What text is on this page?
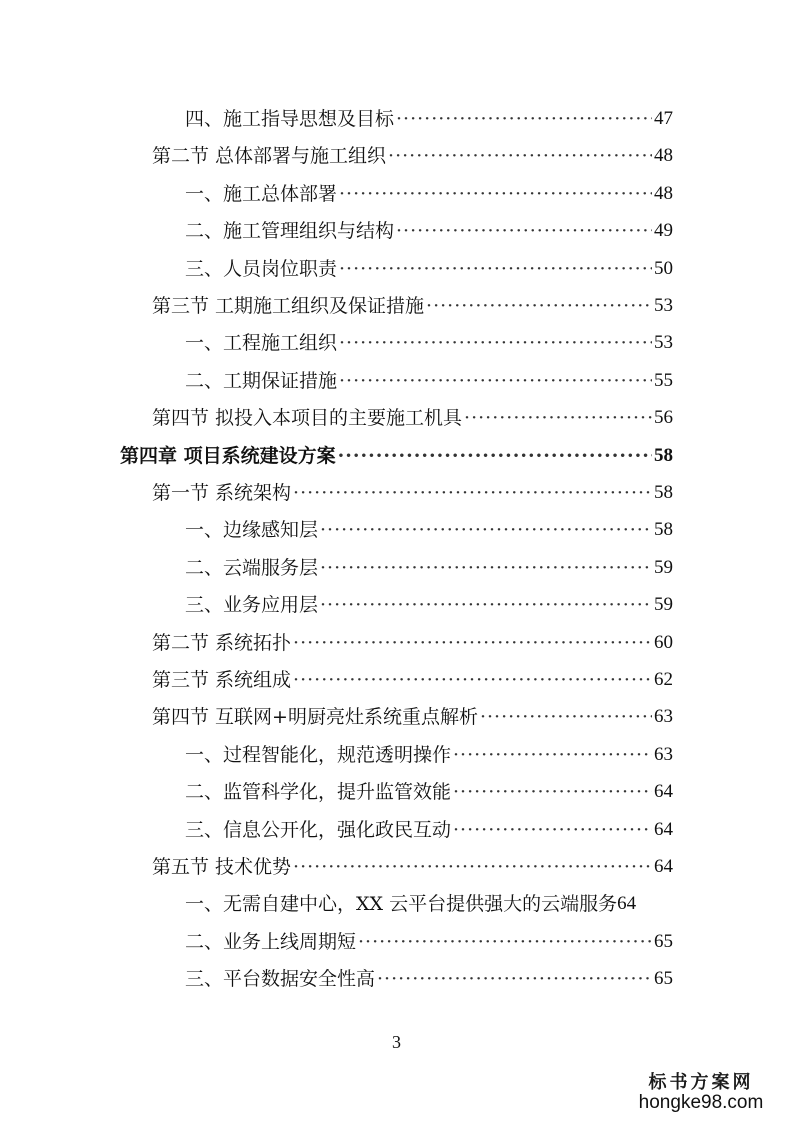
四、施工指导思想及目标 ·····	47
第二节 总体部署与施工组织 ·····	48
一、施工总体部署 ·····	48
二、施工管理组织与结构 ·····	49
三、人员岗位职责 ·····	50
第三节 工期施工组织及保证措施 ·····	53
一、工程施工组织 ·····	53
二、工期保证措施 ·····	55
第四节 拟投入本项目的主要施工机具 ·····	56
第四章 项目系统建设方案 ·····	58
第一节 系统架构 ·····	58
一、边缘感知层 ·····	58
二、云端服务层 ·····	59
三、业务应用层 ·····	59
第二节 系统拓扑 ·····	60
第三节 系统组成 ·····	62
第四节 互联网+明厨亮灶系统重点解析 ·····	63
一、过程智能化，规范透明操作 ·····	63
二、监管科学化，提升监管效能 ·····	64
三、信息公开化，强化政民互动 ·····	64
第五节 技术优势 ·····	64
一、无需自建中心，XX 云平台提供强大的云端服务 64
二、业务上线周期短 ·····	65
三、平台数据安全性高 ·····	65
3
标书方案网
hongke98.com
